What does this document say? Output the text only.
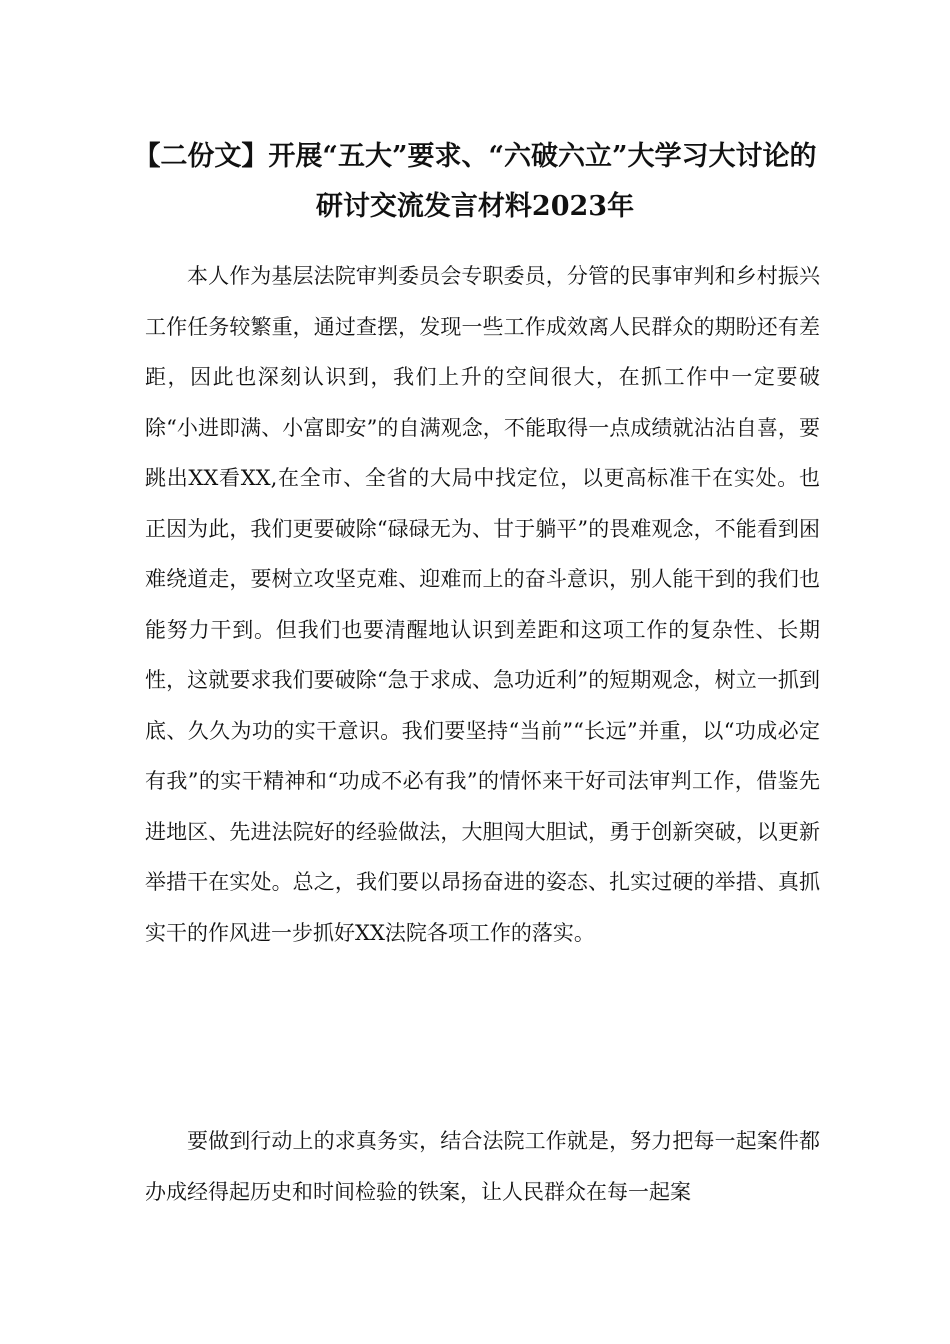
【二份文】开展“五大”要求、“六破六立”大学习大讨论的研讨交流发言材料2023年

本人作为基层法院审判委员会专职委员，分管的民事审判和乡村振兴工作任务较繁重，通过查摆，发现一些工作成效离人民群众的期盼还有差距，因此也深刻认识到，我们上升的空间很大，在抓工作中一定要破除“小进即满、小富即安”的自满观念，不能取得一点成绩就沾沾自喜，要跳出XX看XX,在全市、全省的大局中找定位，以更高标准干在实处。也正因为此，我们更要破除“碌碌无为、甘于躺平”的畏难观念，不能看到困难绕道走，要树立攻坚克难、迎难而上的奋斗意识，别人能干到的我们也能努力干到。但我们也要清醒地认识到差距和这项工作的复杂性、长期性，这就要求我们要破除“急于求成、急功近利”的短期观念，树立一抓到底、久久为功的实干意识。我们要坚持“当前”“长远”并重，以“功成必定有我”的实干精神和“功成不必有我”的情怀来干好司法审判工作，借鉴先进地区、先进法院好的经验做法，大胆闯大胆试，勇于创新突破，以更新举措干在实处。总之，我们要以昂扬奋进的姿态、扎实过硬的举措、真抓实干的作风进一步抓好XX法院各项工作的落实。

要做到行动上的求真务实，结合法院工作就是，努力把每一起案件都办成经得起历史和时间检验的铁案，让人民群众在每一起案
